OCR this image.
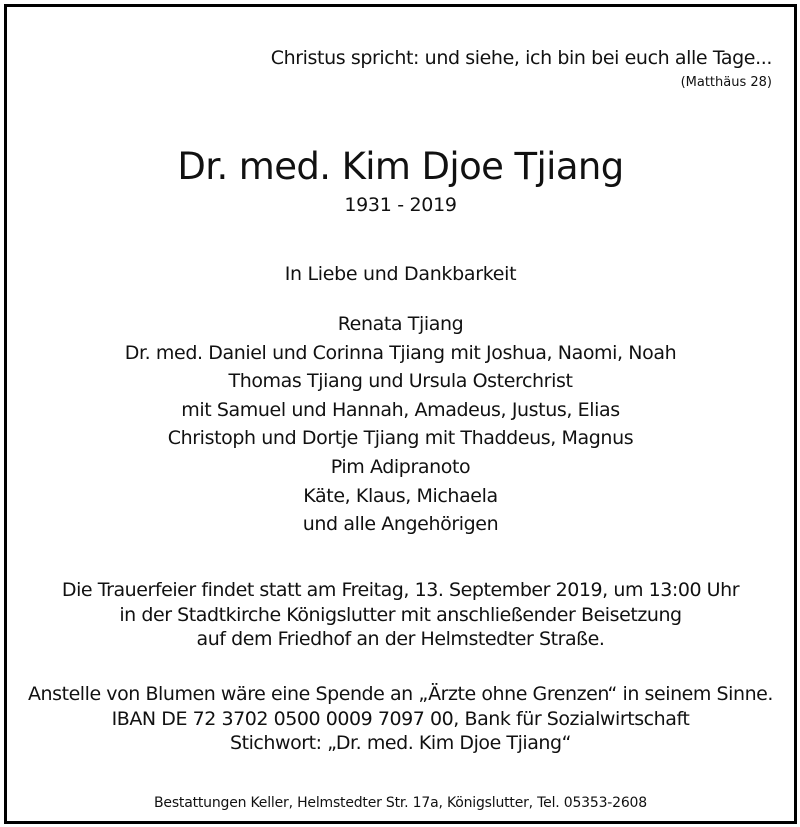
Christus spricht: und siehe, ich bin bei euch alle Tage...
(Matthäus 28)
Dr. med. Kim Djoe Tjiang
1931 - 2019
In Liebe und Dankbarkeit
Renata Tjiang
Dr. med. Daniel und Corinna Tjiang mit Joshua, Naomi, Noah
Thomas Tjiang und Ursula Osterchrist
mit Samuel und Hannah, Amadeus, Justus, Elias
Christoph und Dortje Tjiang mit Thaddeus, Magnus
Pim Adipranoto
Käte, Klaus, Michaela
und alle Angehörigen
Die Trauerfeier findet statt am Freitag, 13. September 2019, um 13:00 Uhr
in der Stadtkirche Königslutter mit anschließender Beisetzung
auf dem Friedhof an der Helmstedter Straße.
Anstelle von Blumen wäre eine Spende an „Ärzte ohne Grenzen“ in seinem Sinne.
IBAN DE 72 3702 0500 0009 7097 00, Bank für Sozialwirtschaft
Stichwort: „Dr. med. Kim Djoe Tjiang“
Bestattungen Keller, Helmstedter Str. 17a, Königslutter, Tel. 05353-2608
